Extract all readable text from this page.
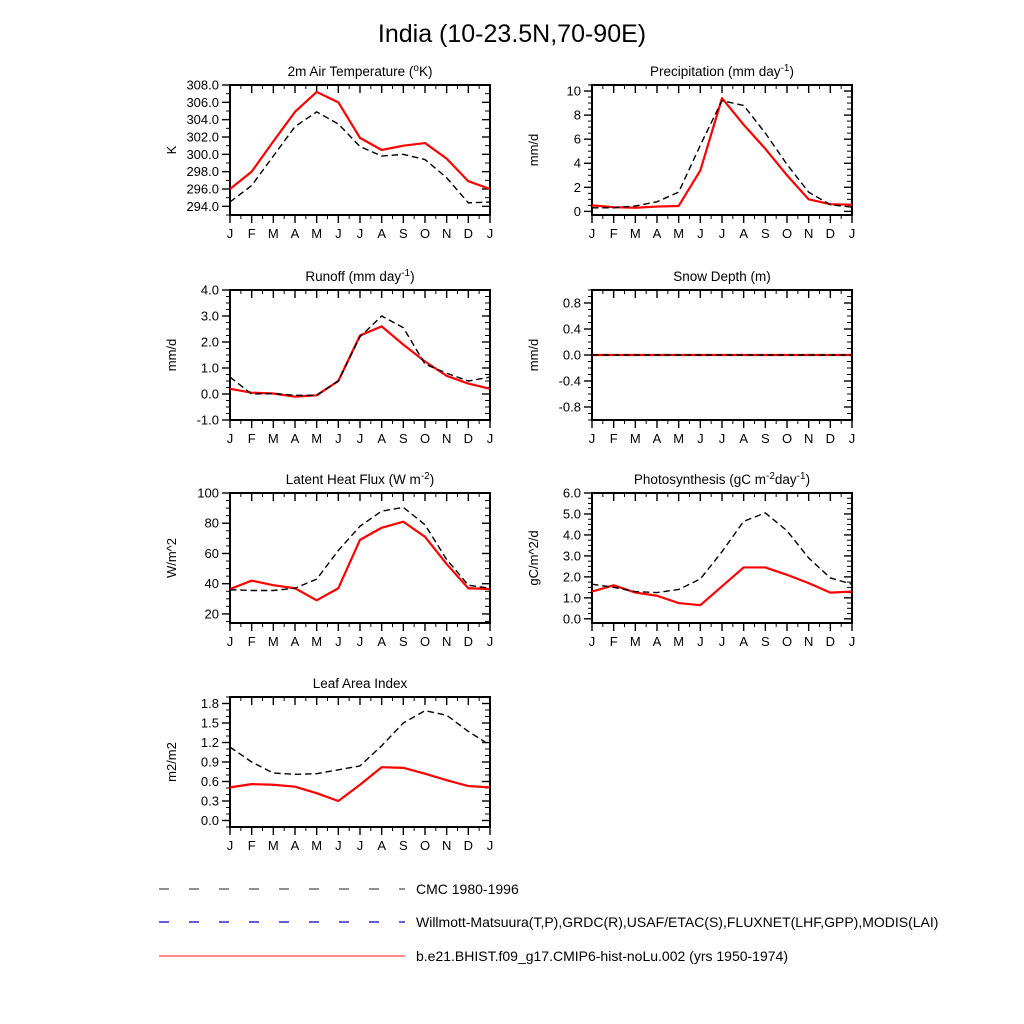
India (10-23.5N,70-90E)
294.0
296.0
298.0
300.0
302.0
304.0
306.0
308.0
J F M A M J J A S O N D J
2m Air Temperature ($^o$K)
K
0
2
4
6
8
10
J F M A M J J A S O N D J
Precipitation (mm day$^{-1}$)
mm/d
-1.0
0.0
1.0
2.0
3.0
4.0
J F M A M J J A S O N D J
Runoff (mm day$^{-1}$)
mm/d
-0.8
-0.4
0.0
0.4
0.8
J F M A M J J A S O N D J
Snow Depth (m)
mm/d
20
40
60
80
100
J F M A M J J A S O N D J
Latent Heat Flux (W $m^{-2}$)
W/m^2
0.0
1.0
2.0
3.0
4.0
5.0
6.0
J F M A M J J A S O N D J
Photosynthesis (gC $m^{-2}day^{-1}$)
gC/m^2/d
0.0
0.3
0.6
0.9
1.2
1.5
1.8
J F M A M J J A S O N D J
Leaf Area Index
m2/m2
CMC 1980-1996
Willmott-Matsuura(T,P),GRDC(R),USAF/ETAC(S),FLUXNET(LHF,GPP),MODIS(LAI)
b.e21.BHIST.f09_g17.CMIP6-hist-noLu.002 (yrs 1950-1974)
